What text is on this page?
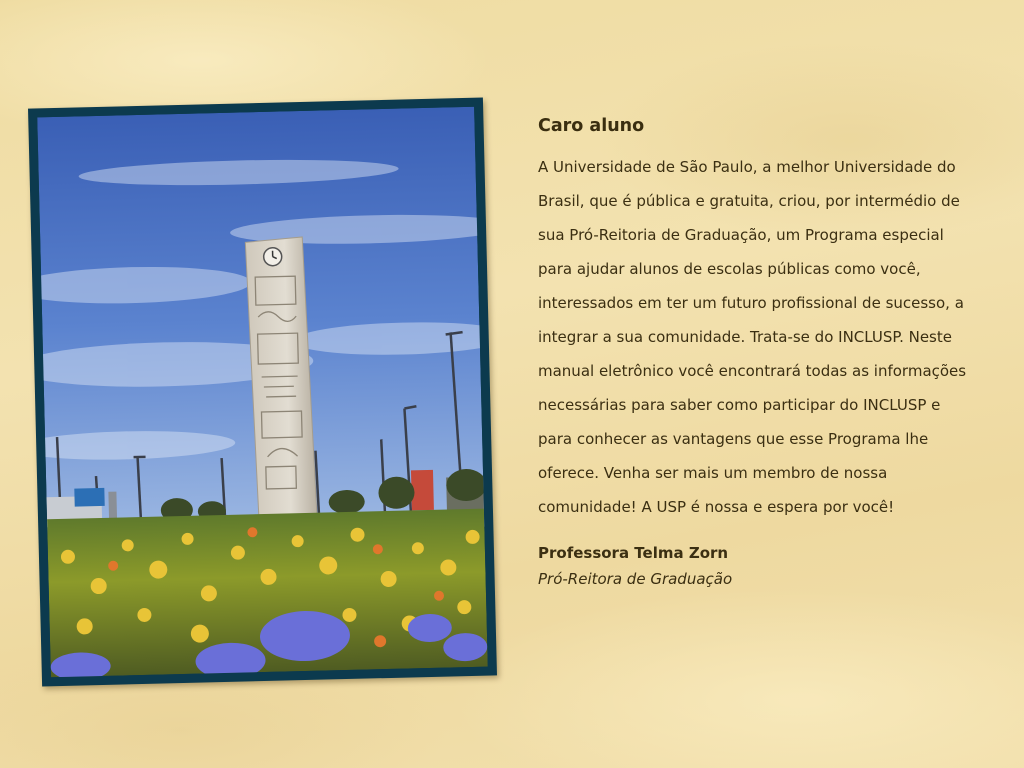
Caro aluno

A Universidade de São Paulo, a melhor Universidade do Brasil, que é pública e gratuita, criou, por intermédio de sua Pró-Reitoria de Graduação, um Programa especial para ajudar alunos de escolas públicas como você, interessados em ter um futuro profissional de sucesso, a integrar a sua comunidade. Trata-se do INCLUSP. Neste manual eletrônico você encontrará todas as informações necessárias para saber como participar do INCLUSP e para conhecer as vantagens que esse Programa lhe oferece. Venha ser mais um membro de nossa comunidade! A USP é nossa e espera por você!

Professora Telma Zorn

Pró-Reitora de Graduação
